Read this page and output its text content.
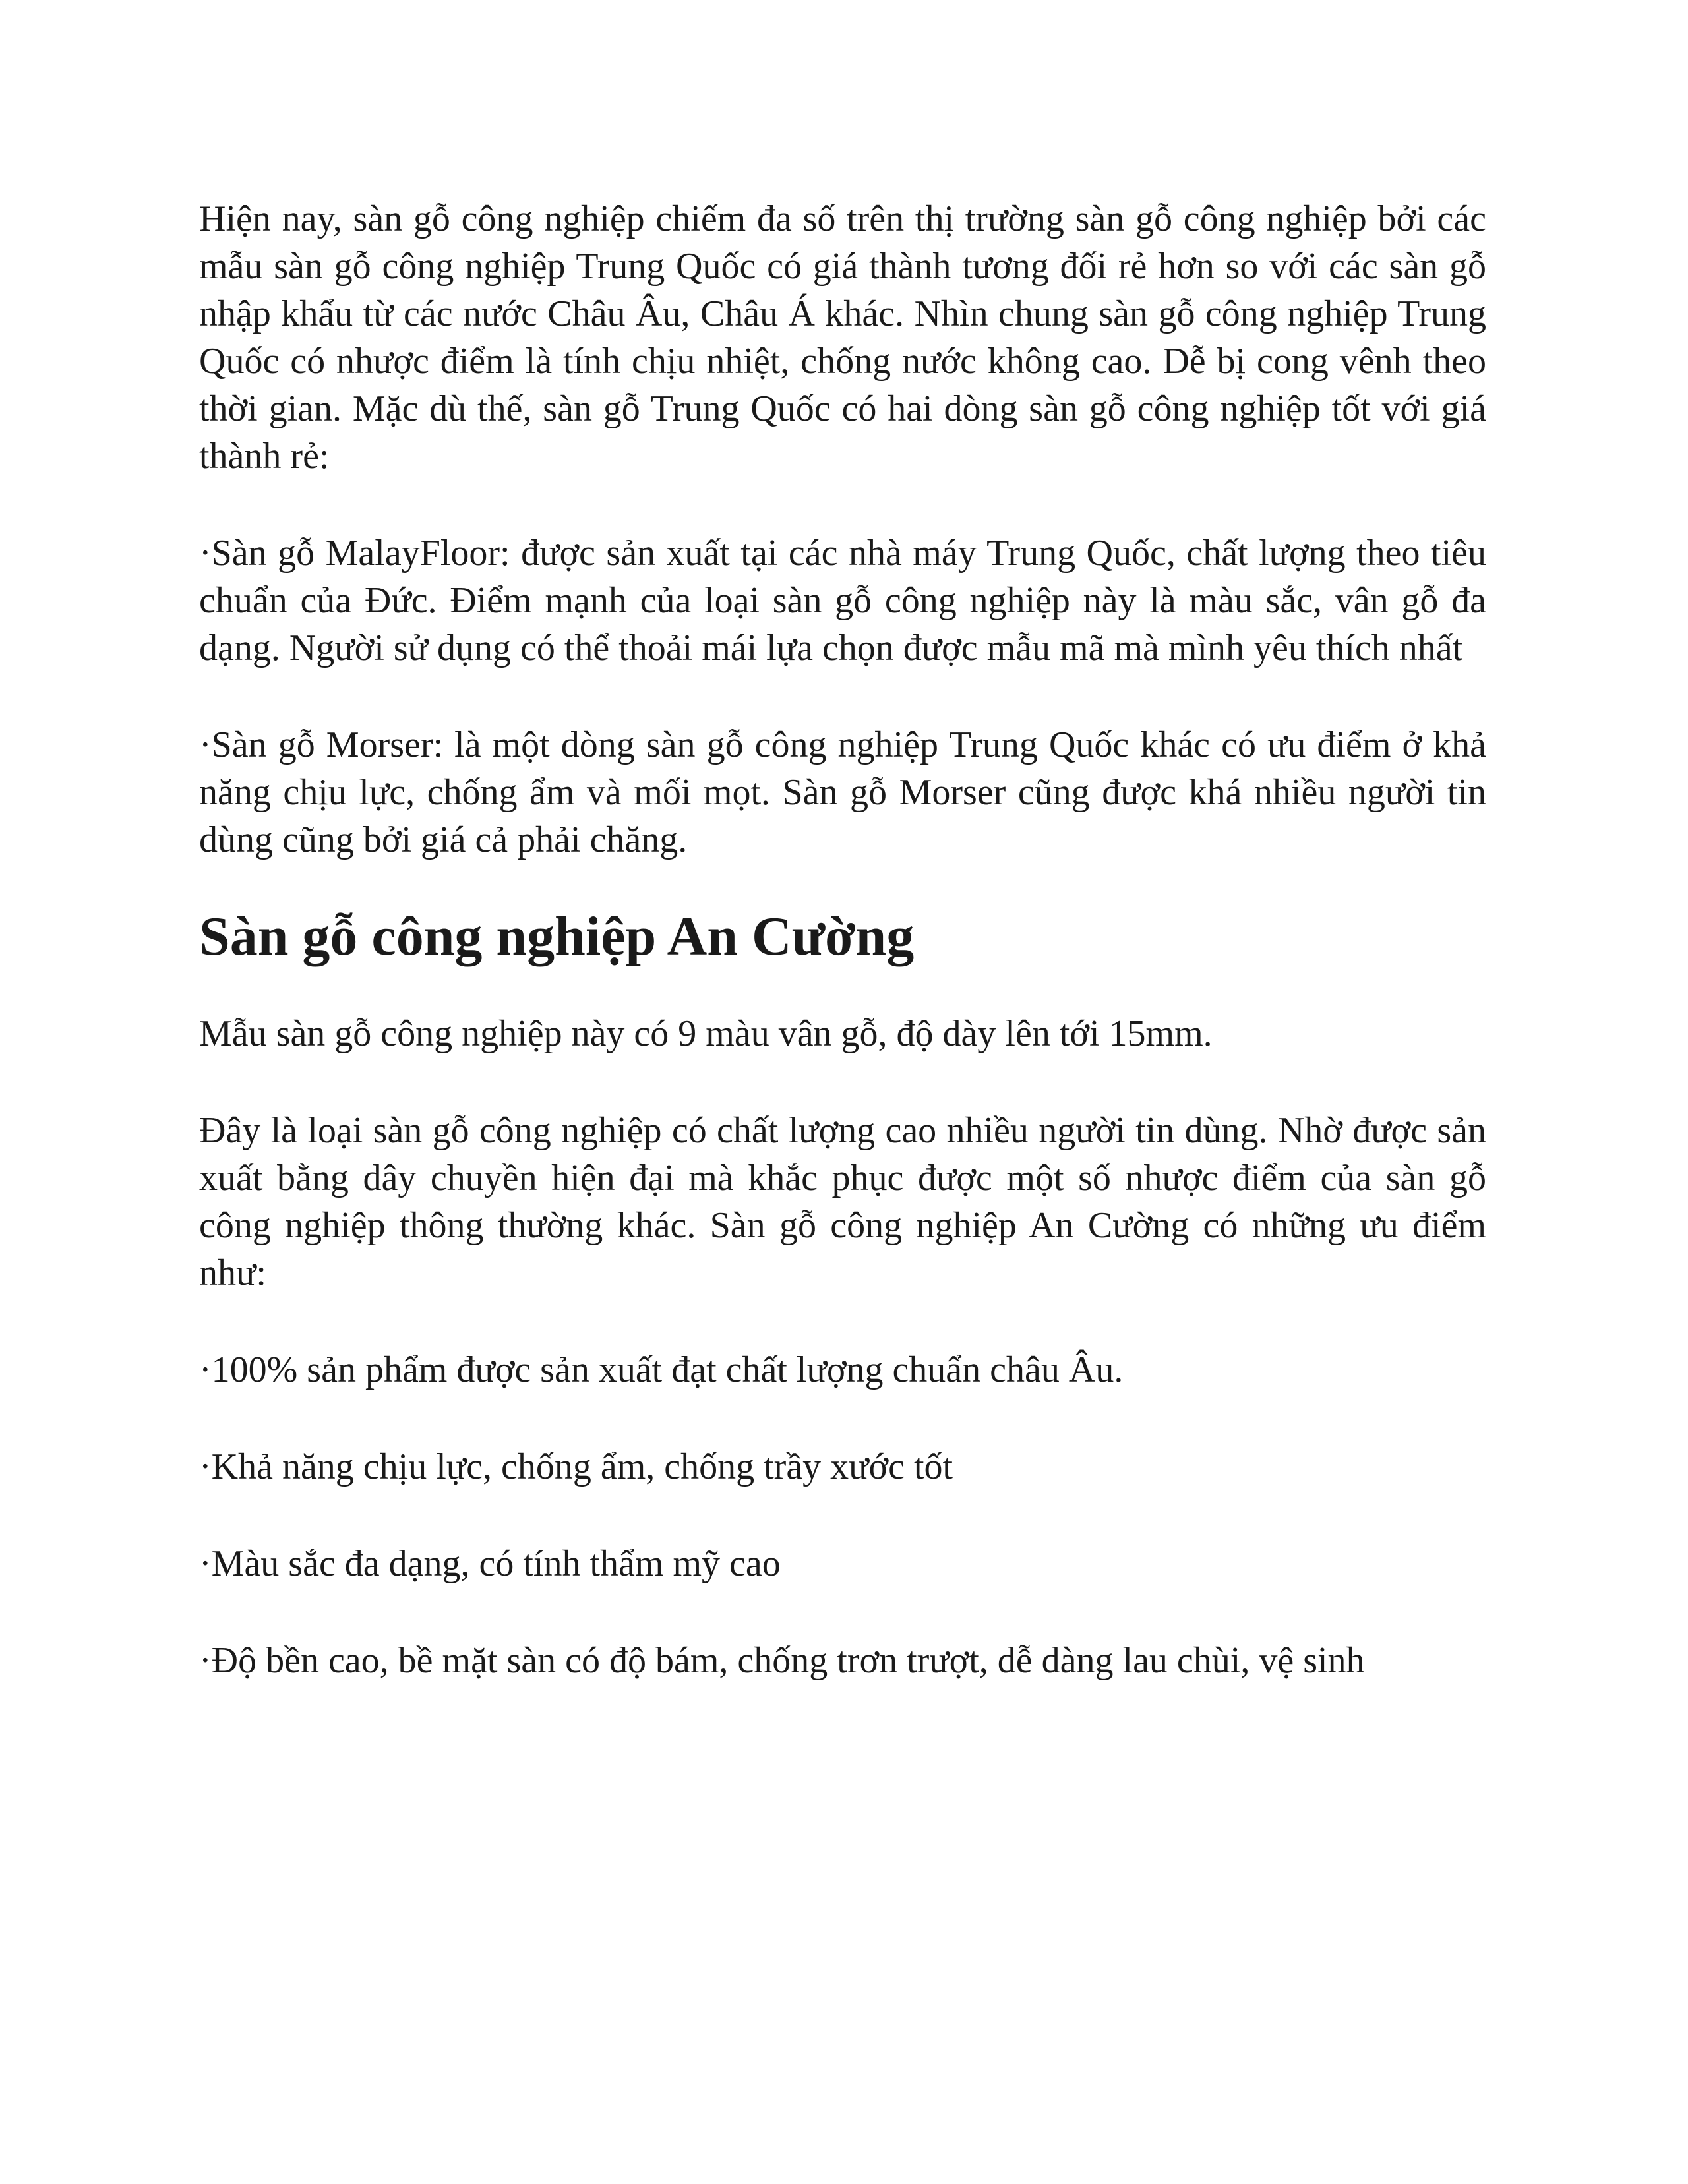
Hiện nay, sàn gỗ công nghiệp chiếm đa số trên thị trường sàn gỗ công nghiệp bởi các mẫu sàn gỗ công nghiệp Trung Quốc có giá thành tương đối rẻ hơn so với các sàn gỗ nhập khẩu từ các nước Châu Âu, Châu Á khác. Nhìn chung sàn gỗ công nghiệp Trung Quốc có nhược điểm là tính chịu nhiệt, chống nước không cao. Dễ bị cong vênh theo thời gian. Mặc dù thế, sàn gỗ Trung Quốc có hai dòng sàn gỗ công nghiệp tốt với giá thành rẻ:

·Sàn gỗ MalayFloor: được sản xuất tại các nhà máy Trung Quốc, chất lượng theo tiêu chuẩn của Đức. Điểm mạnh của loại sàn gỗ công nghiệp này là màu sắc, vân gỗ đa dạng. Người sử dụng có thể thoải mái lựa chọn được mẫu mã mà mình yêu thích nhất

·Sàn gỗ Morser: là một dòng sàn gỗ công nghiệp Trung Quốc khác có ưu điểm ở khả năng chịu lực, chống ẩm và mối mọt. Sàn gỗ Morser cũng được khá nhiều người tin dùng cũng bởi giá cả phải chăng.

Sàn gỗ công nghiệp An Cường

Mẫu sàn gỗ công nghiệp này có 9 màu vân gỗ, độ dày lên tới 15mm.

Đây là loại sàn gỗ công nghiệp có chất lượng cao nhiều người tin dùng. Nhờ được sản xuất bằng dây chuyền hiện đại mà khắc phục được một số nhược điểm của sàn gỗ công nghiệp thông thường khác. Sàn gỗ công nghiệp An Cường có những ưu điểm như:

·100% sản phẩm được sản xuất đạt chất lượng chuẩn châu Âu.

·Khả năng chịu lực, chống ẩm, chống trầy xước tốt

·Màu sắc đa dạng, có tính thẩm mỹ cao

·Độ bền cao, bề mặt sàn có độ bám, chống trơn trượt, dễ dàng lau chùi, vệ sinh
